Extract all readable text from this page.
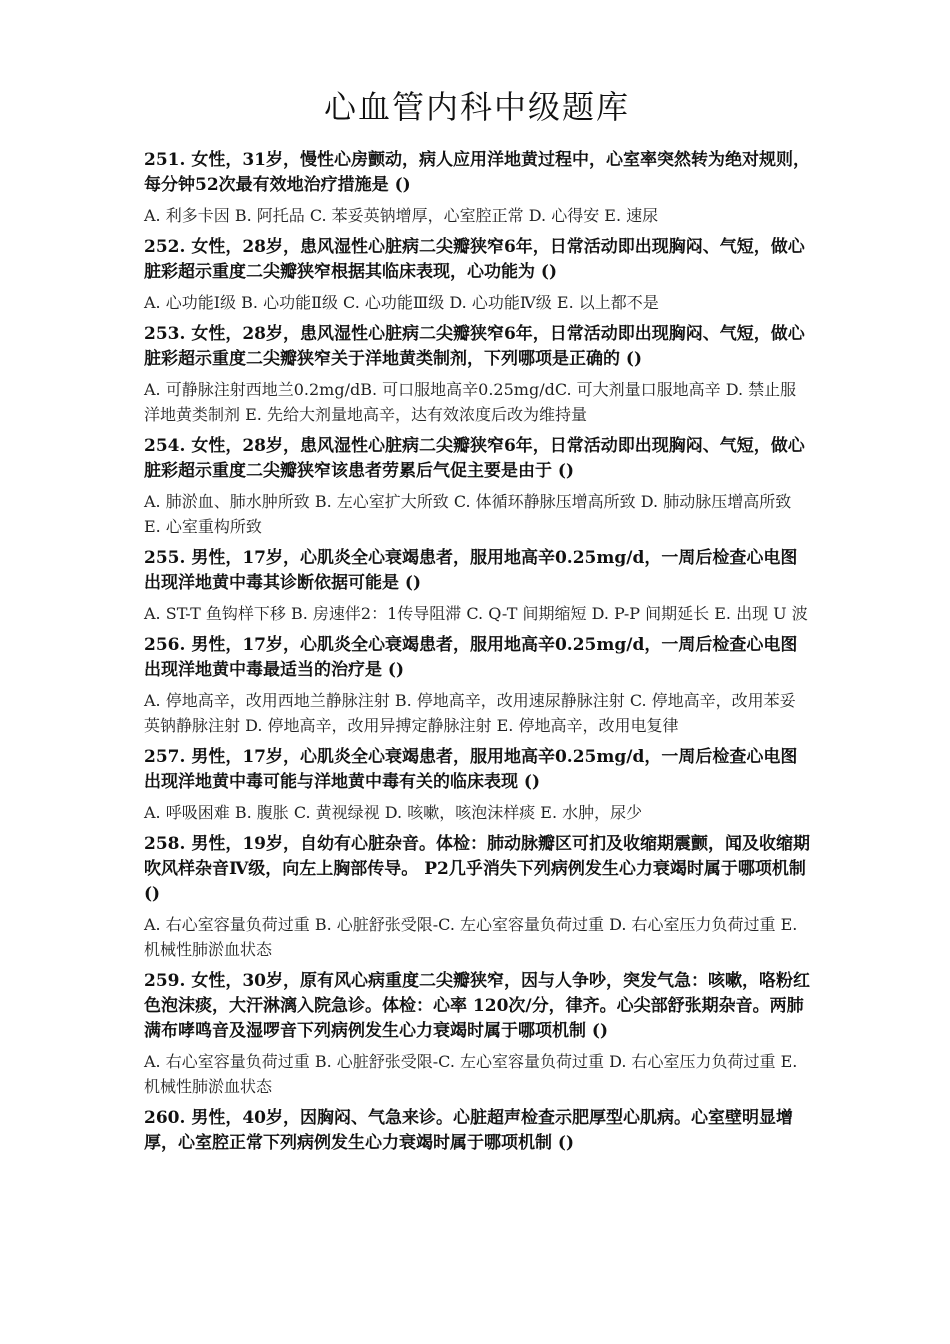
心血管内科中级题库

251. 女性，31岁，慢性心房颤动，病人应用洋地黄过程中，心室率突然转为绝对规则，每分钟52次最有效地治疗措施是 ()

A. 利多卡因 B. 阿托品 C. 苯妥英钠增厚，心室腔正常 D. 心得安 E. 速尿

252. 女性，28岁，患风湿性心脏病二尖瓣狭窄6年，日常活动即出现胸闷、气短，做心脏彩超示重度二尖瓣狭窄根据其临床表现，心功能为 ()

A. 心功能Ⅰ级 B. 心功能Ⅱ级 C. 心功能Ⅲ级 D. 心功能Ⅳ级 E. 以上都不是

253. 女性，28岁，患风湿性心脏病二尖瓣狭窄6年，日常活动即出现胸闷、气短，做心脏彩超示重度二尖瓣狭窄关于洋地黄类制剂，下列哪项是正确的 ()

A. 可静脉注射西地兰0.2mg/dB. 可口服地高辛0.25mg/dC. 可大剂量口服地高辛 D. 禁止服洋地黄类制剂 E. 先给大剂量地高辛，达有效浓度后改为维持量

254. 女性，28岁，患风湿性心脏病二尖瓣狭窄6年，日常活动即出现胸闷、气短，做心脏彩超示重度二尖瓣狭窄该患者劳累后气促主要是由于 ()

A. 肺淤血、肺水肿所致 B. 左心室扩大所致 C. 体循环静脉压增高所致 D. 肺动脉压增高所致 E. 心室重构所致

255. 男性，17岁，心肌炎全心衰竭患者，服用地高辛0.25mg/d，一周后检查心电图出现洋地黄中毒其诊断依据可能是 ()

A. ST-T 鱼钩样下移 B. 房速伴2：1传导阻滞 C. Q-T 间期缩短 D. P-P 间期延长 E. 出现 U 波

256. 男性，17岁，心肌炎全心衰竭患者，服用地高辛0.25mg/d，一周后检查心电图出现洋地黄中毒最适当的治疗是 ()

A. 停地高辛，改用西地兰静脉注射 B. 停地高辛，改用速尿静脉注射 C. 停地高辛，改用苯妥英钠静脉注射 D. 停地高辛，改用异搏定静脉注射 E. 停地高辛，改用电复律

257. 男性，17岁，心肌炎全心衰竭患者，服用地高辛0.25mg/d，一周后检查心电图出现洋地黄中毒可能与洋地黄中毒有关的临床表现 ()

A. 呼吸困难 B. 腹胀 C. 黄视绿视 D. 咳嗽，咳泡沫样痰 E. 水肿，尿少

258. 男性，19岁，自幼有心脏杂音。体检：肺动脉瓣区可扪及收缩期震颤，闻及收缩期吹风样杂音Ⅳ级，向左上胸部传导。 P2几乎消失下列病例发生心力衰竭时属于哪项机制 ()

A. 右心室容量负荷过重 B. 心脏舒张受限-C. 左心室容量负荷过重 D. 右心室压力负荷过重 E. 机械性肺淤血状态

259. 女性，30岁，原有风心病重度二尖瓣狭窄，因与人争吵，突发气急：咳嗽，咯粉红色泡沫痰，大汗淋漓入院急诊。体检：心率 120次/分，律齐。心尖部舒张期杂音。两肺满布哮鸣音及湿啰音下列病例发生心力衰竭时属于哪项机制 ()

A. 右心室容量负荷过重 B. 心脏舒张受限-C. 左心室容量负荷过重 D. 右心室压力负荷过重 E. 机械性肺淤血状态

260. 男性，40岁，因胸闷、气急来诊。心脏超声检查示肥厚型心肌病。心室壁明显增厚，心室腔正常下列病例发生心力衰竭时属于哪项机制 ()
